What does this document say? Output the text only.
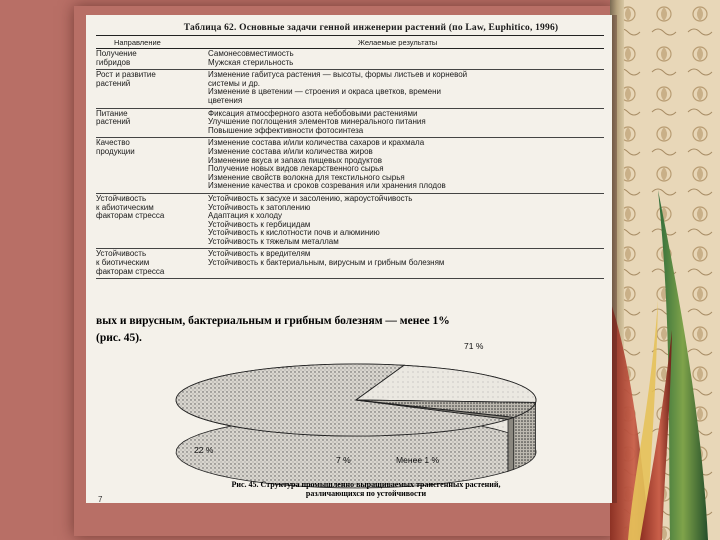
Таблица 62. Основные задачи генной инженерии растений (по Law, Euphitico, 1996)
Направление	Желаемые результаты
Получение
гибридов
Самонесовместимость
Мужская стерильность
Рост и развитие
растений
Изменение габитуса растения — высоты, формы листьев и корневой
системы и др.
Изменение в цветении — строения и окраса цветков, времени
цветения
Питание
растений
Фиксация атмосферного азота небобовыми растениями
Улучшение поглощения элементов минерального питания
Повышение эффективности фотосинтеза
Качество
продукции
Изменение состава и/или количества сахаров и крахмала
Изменение состава и/или количества жиров
Изменение вкуса и запаха пищевых продуктов
Получение новых видов лекарственного сырья
Изменение свойств волокна для текстильного сырья
Изменение качества и сроков созревания или хранения плодов
Устойчивость
к абиотическим
факторам стресса
Устойчивость к засухе и засолению, жароустойчивость
Устойчивость к затоплению
Адаптация к холоду
Устойчивость к гербицидам
Устойчивость к кислотности почв и алюминию
Устойчивость к тяжелым металлам
Устойчивость
к биотическим
факторам стресса
Устойчивость к вредителям
Устойчивость к бактериальным, вирусным и грибным болезням
вых и вирусным, бактериальным и грибным болезням — менее 1%
(рис. 45).
71 %
22 %
7 %	Менее 1 %
Рис. 45. Структура промышленно выращиваемых трансгенных растений,
различающихся по устойчивости
7
